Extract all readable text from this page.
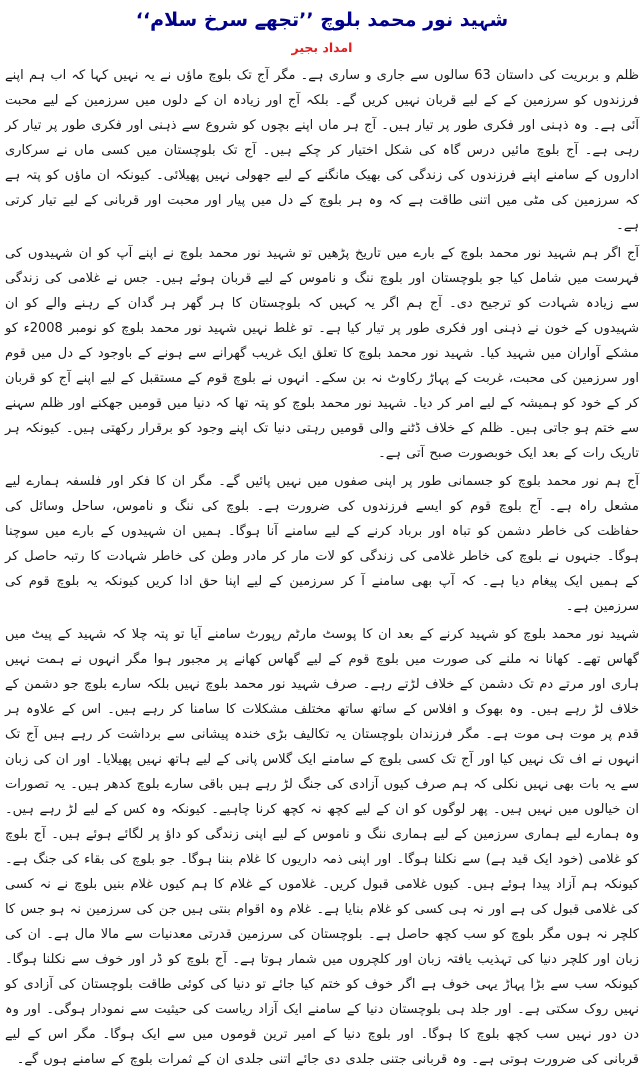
شہید نور محمد بلوچ ’’تجھے سرخ سلام‘‘
امداد بجیر

ظلم و بربریت کی داستان 63 سالوں سے جاری و ساری ہے۔ مگر آج تک بلوچ ماؤں نے یہ نہیں کہا کہ اب ہم اپنے فرزندوں کو سرزمین کے کے لیے قربان نہیں کریں گے۔ بلکہ آج اور زیادہ ان کے دلوں میں سرزمین کے لیے محبت آئی ہے۔ وہ ذہنی اور فکری طور پر تیار ہیں۔ آج ہر ماں اپنے بچوں کو شروع سے ذہنی اور فکری طور پر تیار کر رہی ہے۔ آج بلوچ مائیں درس گاہ کی شکل اختیار کر چکے ہیں۔ آج تک بلوچستان میں کسی ماں نے سرکاری اداروں کے سامنے اپنے فرزندوں کی زندگی کی بھیک مانگنے کے لیے جھولی نہیں پھیلائی۔ کیونکہ ان ماؤں کو پتہ ہے کہ سرزمین کی مٹی میں اتنی طاقت ہے کہ وہ ہر بلوچ کے دل میں پیار اور محبت اور قربانی کے لیے تیار کرتی ہے۔

آج اگر ہم شہید نور محمد بلوچ کے بارے میں تاریخ پڑھیں تو شہید نور محمد بلوچ نے اپنے آپ کو ان شہیدوں کی فہرست میں شامل کیا جو بلوچستان اور بلوچ ننگ و ناموس کے لیے قربان ہوئے ہیں۔ جس نے غلامی کی زندگی سے زیادہ شہادت کو ترجیح دی۔ آج ہم اگر یہ کہیں کہ بلوچستان کا ہر گھر ہر گدان کے رہنے والے کو ان شہیدوں کے خون نے ذہنی اور فکری طور پر تیار کیا ہے۔ تو غلط نہیں شہید نور محمد بلوچ کو نومبر 2008ء کو مشکے آواران میں شہید کیا۔ شہید نور محمد بلوچ کا تعلق ایک غریب گھرانے سے ہونے کے باوجود کے دل میں قوم اور سرزمین کی محبت، غربت کے پہاڑ رکاوٹ نہ بن سکے۔ انہوں نے بلوچ قوم کے مستقبل کے لیے اپنے آج کو قربان کر کے خود کو ہمیشہ کے لیے امر کر دیا۔ شہید نور محمد بلوچ کو پتہ تھا کہ دنیا میں قومیں جھکنے اور ظلم سہنے سے ختم ہو جاتی ہیں۔ ظلم کے خلاف ڈٹنے والی قومیں رہتی دنیا تک اپنے وجود کو برقرار رکھتی ہیں۔ کیونکہ ہر تاریک رات کے بعد ایک خوبصورت صبح آتی ہے۔

آج ہم نور محمد بلوچ کو جسمانی طور پر اپنی صفوں میں نہیں پائیں گے۔ مگر ان کا فکر اور فلسفہ ہمارے لیے مشعل راہ ہے۔ آج بلوچ قوم کو ایسے فرزندوں کی ضرورت ہے۔ بلوچ کی ننگ و ناموس، ساحل وسائل کی حفاظت کی خاطر دشمن کو تباہ اور برباد کرنے کے لیے سامنے آنا ہوگا۔ ہمیں ان شہیدوں کے بارے میں سوچنا ہوگا۔ جنہوں نے بلوچ کی خاطر غلامی کی زندگی کو لات مار کر مادر وطن کی خاطر شہادت کا رتبہ حاصل کر کے ہمیں ایک پیغام دیا ہے۔ کہ آپ بھی سامنے آ کر سرزمین کے لیے اپنا حق ادا کریں کیونکہ یہ بلوچ قوم کی سرزمین ہے۔

شہید نور محمد بلوچ کو شہید کرنے کے بعد ان کا پوسٹ مارٹم رپورٹ سامنے آیا تو پتہ چلا کہ شہید کے پیٹ میں گھاس تھے۔ کھانا نہ ملنے کی صورت میں بلوچ قوم کے لیے گھاس کھانے پر مجبور ہوا مگر انہوں نے ہمت نہیں ہاری اور مرتے دم تک دشمن کے خلاف لڑتے رہے۔ صرف شہید نور محمد بلوچ نہیں بلکہ سارے بلوچ جو دشمن کے خلاف لڑ رہے ہیں۔ وہ بھوک و افلاس کے ساتھ ساتھ مختلف مشکلات کا سامنا کر رہے ہیں۔ اس کے علاوہ ہر قدم پر موت ہی موت ہے۔ مگر فرزندان بلوچستان یہ تکالیف بڑی خندہ پیشانی سے برداشت کر رہے ہیں آج تک انہوں نے اف تک نہیں کیا اور آج تک کسی بلوچ کے سامنے ایک گلاس پانی کے لیے ہاتھ نہیں پھیلایا۔ اور ان کی زبان سے یہ بات بھی نہیں نکلی کہ ہم صرف کیوں آزادی کی جنگ لڑ رہے ہیں باقی سارے بلوچ کدھر ہیں۔ یہ تصورات ان خیالوں میں نہیں ہیں۔ پھر لوگوں کو ان کے لیے کچھ نہ کچھ کرنا چاہیے۔ کیونکہ وہ کس کے لیے لڑ رہے ہیں۔ وہ ہمارے لیے ہماری سرزمین کے لیے ہماری ننگ و ناموس کے لیے اپنی زندگی کو داؤ پر لگائے ہوئے ہیں۔ آج بلوچ کو غلامی (خود ایک قید ہے) سے نکلنا ہوگا۔ اور اپنی ذمہ داریوں کا غلام بننا ہوگا۔ جو بلوچ کی بقاء کی جنگ ہے۔ کیونکہ ہم آزاد پیدا ہوئے ہیں۔ کیوں غلامی قبول کریں۔ غلاموں کے غلام کا ہم کیوں غلام بنیں بلوچ نے نہ کسی کی غلامی قبول کی ہے اور نہ ہی کسی کو غلام بنایا ہے۔ غلام وہ اقوام بنتی ہیں جن کی سرزمین نہ ہو جس کا کلچر نہ ہوں مگر بلوچ کو سب کچھ حاصل ہے۔ بلوچستان کی سرزمین قدرتی معدنیات سے مالا مال ہے۔ ان کی زبان اور کلچر دنیا کی تہذیب یافتہ زبان اور کلچروں میں شمار ہوتا ہے۔ آج بلوچ کو ڈر اور خوف سے نکلنا ہوگا۔ کیونکہ سب سے بڑا پہاڑ یہی خوف ہے اگر خوف کو ختم کیا جائے تو دنیا کی کوئی طاقت بلوچستان کی آزادی کو نہیں روک سکتی ہے۔ اور جلد ہی بلوچستان دنیا کے سامنے ایک آزاد ریاست کی حیثیت سے نمودار ہوگی۔ اور وہ دن دور نہیں سب کچھ بلوچ کا ہوگا۔ اور بلوچ دنیا کے امیر ترین قوموں میں سے ایک ہوگا۔ مگر اس کے لیے قربانی کی ضرورت ہوتی ہے۔ وہ قربانی جتنی جلدی دی جائے اتنی جلدی ان کے ثمرات بلوچ کے سامنے ہوں گے۔
